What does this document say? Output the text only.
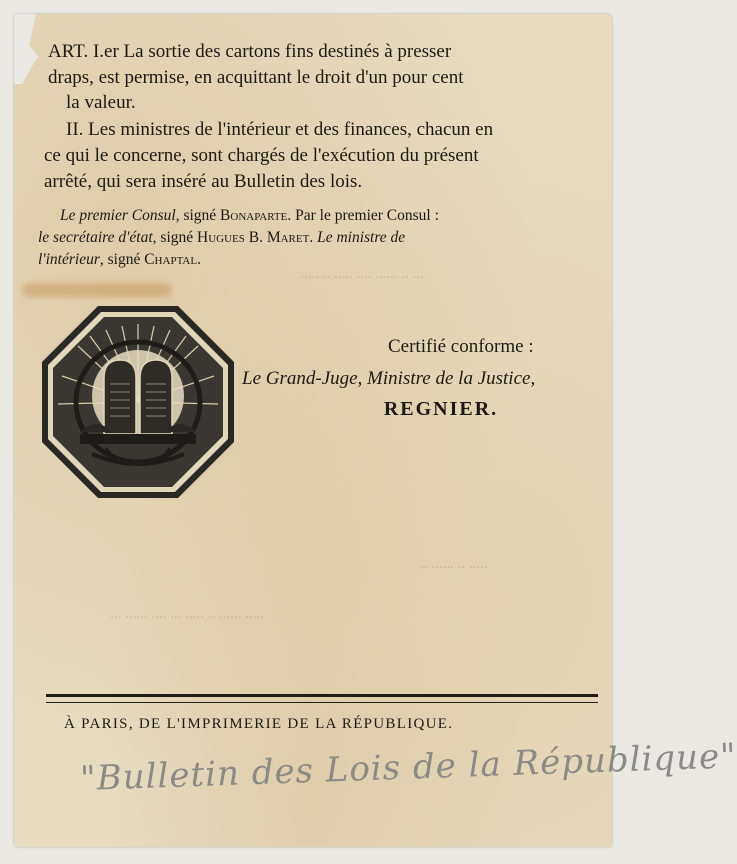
····· ·· ····· ···· ······ ·· ···
·· ······ ·· ·····
··· ······ ···· ··· ····· ·· ······ ·····
ART. I.er La sortie des cartons fins destinés à presser
draps, est permise, en acquittant le droit d'un pour cent
la valeur.
II. Les ministres de l'intérieur et des finances, chacun en
ce qui le concerne, sont chargés de l'exécution du présent
arrêté, qui sera inséré au Bulletin des lois.
Le premier Consul, signé Bonaparte. Par le premier Consul :
le secrétaire d'état, signé Hugues B. Maret. Le ministre de
l'intérieur, signé Chaptal.
Certifié conforme :
Le Grand-Juge, Ministre de la Justice,
REGNIER.
À PARIS, DE L'IMPRIMERIE DE LA RÉPUBLIQUE.
"Bulletin des Lois de la République"
